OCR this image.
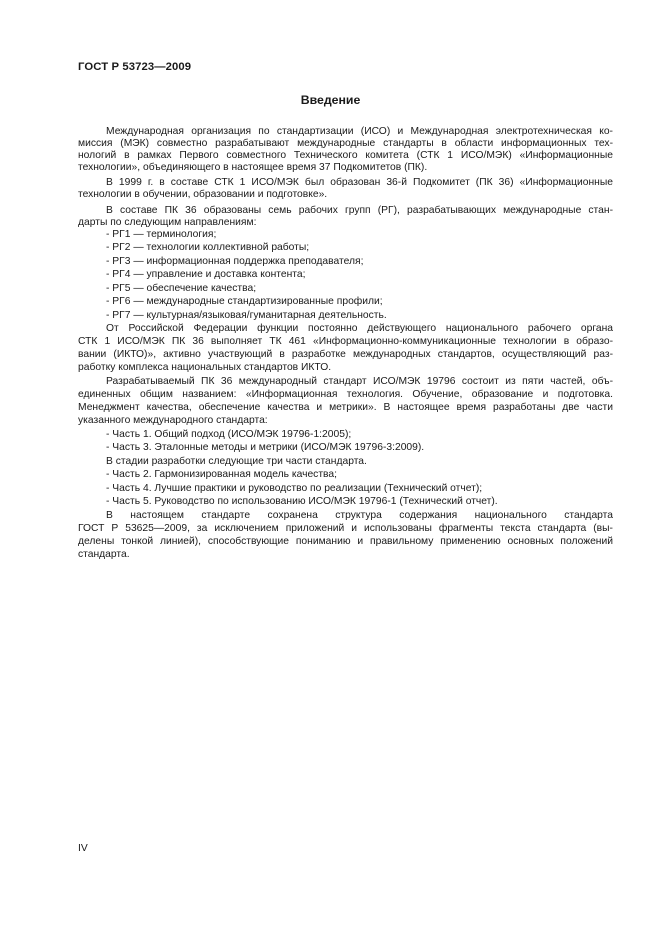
ГОСТ Р 53723—2009
Введение
Международная организация по стандартизации (ИСО) и Международная электротехническая ко-
миссия (МЭК) совместно разрабатывают международные стандарты в области информационных тех-
нологий в рамках Первого совместного Технического комитета (СТК 1 ИСО/МЭК) «Информационные
технологии», объединяющего в настоящее время 37 Подкомитетов (ПК).
В 1999 г. в составе СТК 1 ИСО/МЭК был образован 36-й Подкомитет (ПК 36) «Информационные
технологии в обучении, образовании и подготовке».
В составе ПК 36 образованы семь рабочих групп (РГ), разрабатывающих международные стан-
дарты по следующим направлениям:
- РГ1 — терминология;
- РГ2 — технологии коллективной работы;
- РГ3 — информационная поддержка преподавателя;
- РГ4 — управление и доставка контента;
- РГ5 — обеспечение качества;
- РГ6 — международные стандартизированные профили;
- РГ7 — культурная/языковая/гуманитарная деятельность.
От Российской Федерации функции постоянно действующего национального рабочего органа
СТК 1 ИСО/МЭК ПК 36 выполняет ТК 461 «Информационно-коммуникационные технологии в образо-
вании (ИКТО)», активно участвующий в разработке международных стандартов, осуществляющий раз-
работку комплекса национальных стандартов ИКТО.
Разрабатываемый ПК 36 международный стандарт ИСО/МЭК 19796 состоит из пяти частей, объ-
единенных общим названием: «Информационная технология. Обучение, образование и подготовка.
Менеджмент качества, обеспечение качества и метрики». В настоящее время разработаны две части
указанного международного стандарта:
- Часть 1. Общий подход (ИСО/МЭК 19796-1:2005);
- Часть 3. Эталонные методы и метрики (ИСО/МЭК 19796-3:2009).
В стадии разработки следующие три части стандарта.
- Часть 2. Гармонизированная модель качества;
- Часть 4. Лучшие практики и руководство по реализации (Технический отчет);
- Часть 5. Руководство по использованию ИСО/МЭК 19796-1 (Технический отчет).
В настоящем стандарте сохранена структура содержания национального стандарта
ГОСТ Р 53625—2009, за исключением приложений и использованы фрагменты текста стандарта (вы-
делены тонкой линией), способствующие пониманию и правильному применению основных положений
стандарта.
IV
